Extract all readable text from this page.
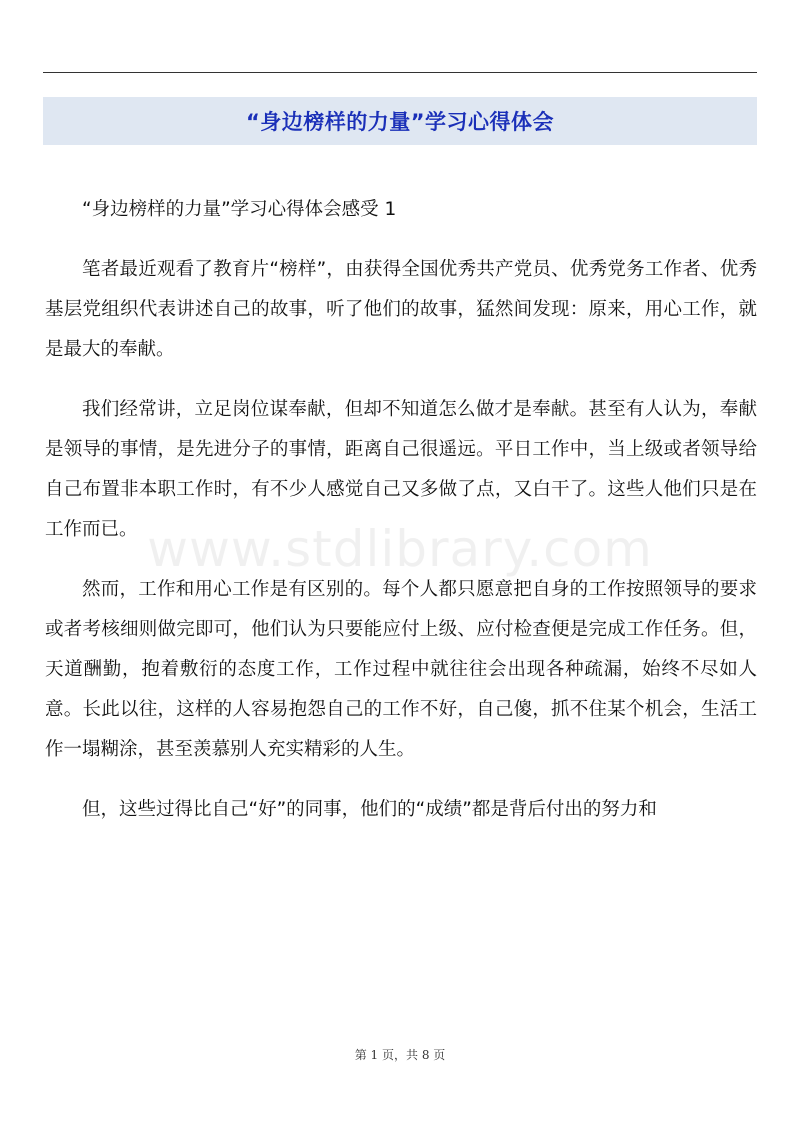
“身边榜样的力量”学习心得体会
www.stdlibrary.com

“身边榜样的力量”学习心得体会感受 1

笔者最近观看了教育片“榜样”，由获得全国优秀共产党员、优秀党务工作者、优秀基层党组织代表讲述自己的故事，听了他们的故事，猛然间发现：原来，用心工作，就是最大的奉献。

我们经常讲，立足岗位谋奉献，但却不知道怎么做才是奉献。甚至有人认为，奉献是领导的事情，是先进分子的事情，距离自己很遥远。平日工作中，当上级或者领导给自己布置非本职工作时，有不少人感觉自己又多做了点，又白干了。这些人他们只是在工作而已。

然而，工作和用心工作是有区别的。每个人都只愿意把自身的工作按照领导的要求或者考核细则做完即可，他们认为只要能应付上级、应付检查便是完成工作任务。但，天道酬勤，抱着敷衍的态度工作，工作过程中就往往会出现各种疏漏，始终不尽如人意。长此以往，这样的人容易抱怨自己的工作不好，自己傻，抓不住某个机会，生活工作一塌糊涂，甚至羡慕别人充实精彩的人生。

但，这些过得比自己“好”的同事，他们的“成绩”都是背后付出的努力和

第 1 页，共 8 页
